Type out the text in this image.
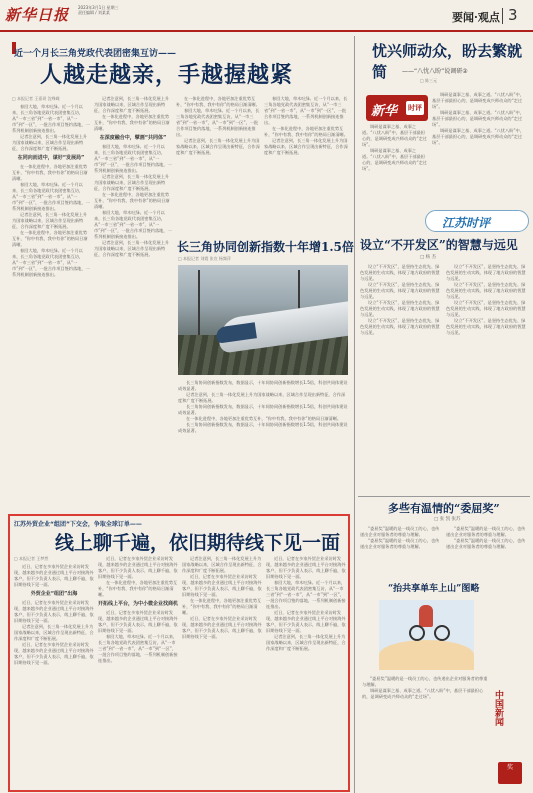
新华日报 2023年3月1日 星期三
责任编辑 / 刘某某	要闻·观点 3
近一个月长三角党政代表团密集互访——
人越走越亲，手越握越紧
□ 本报记者 王嘉玥 沈峥嵘

春回大地，草木吐绿。近一个月以来，长三角各地党政代表团密集互访，从“一市三省”到“一省一市”，从“一市”到“一区”，一批合作项目签约落地，一系列机制创新接连推出。

记者注意到，长三角一体化发展上升为国家战略以来，区域合作呈现出新特征，合作深度和广度不断拓展。

在同向而进中，谋好“发展局”

在一体化进程中，各地更加注重优势互补，“你中有我、我中有你”的格局日渐清晰。

春回大地，草木吐绿。近一个月以来，长三角各地党政代表团密集互访，从“一市三省”到“一省一市”，从“一市”到“一区”，一批合作项目签约落地，一系列机制创新接连推出。

记者注意到，长三角一体化发展上升为国家战略以来，区域合作呈现出新特征，合作深度和广度不断拓展。

在一体化进程中，各地更加注重优势互补，“你中有我、我中有你”的格局日渐清晰。

春回大地，草木吐绿。近一个月以来，长三角各地党政代表团密集互访，从“一市三省”到“一省一市”，从“一市”到“一区”，一批合作项目签约落地，一系列机制创新接连推出。

记者注意到，长三角一体化发展上升为国家战略以来，区域合作呈现出新特征，合作深度和广度不断拓展。

在一体化进程中，各地更加注重优势互补，“你中有我、我中有你”的格局日渐清晰。

在深度融合中，擘画“共同体”

春回大地，草木吐绿。近一个月以来，长三角各地党政代表团密集互访，从“一市三省”到“一省一市”，从“一市”到“一区”，一批合作项目签约落地，一系列机制创新接连推出。

记者注意到，长三角一体化发展上升为国家战略以来，区域合作呈现出新特征，合作深度和广度不断拓展。

在一体化进程中，各地更加注重优势互补，“你中有我、我中有你”的格局日渐清晰。

春回大地，草木吐绿。近一个月以来，长三角各地党政代表团密集互访，从“一市三省”到“一省一市”，从“一市”到“一区”，一批合作项目签约落地，一系列机制创新接连推出。

记者注意到，长三角一体化发展上升为国家战略以来，区域合作呈现出新特征，合作深度和广度不断拓展。

在一体化进程中，各地更加注重优势互补，“你中有我、我中有你”的格局日渐清晰。

春回大地，草木吐绿。近一个月以来，长三角各地党政代表团密集互访，从“一市三省”到“一省一市”，从“一市”到“一区”，一批合作项目签约落地，一系列机制创新接连推出。

记者注意到，长三角一体化发展上升为国家战略以来，区域合作呈现出新特征，合作深度和广度不断拓展。

春回大地，草木吐绿。近一个月以来，长三角各地党政代表团密集互访，从“一市三省”到“一省一市”，从“一市”到“一区”，一批合作项目签约落地，一系列机制创新接连推出。

在一体化进程中，各地更加注重优势互补，“你中有我、我中有你”的格局日渐清晰。

记者注意到，长三角一体化发展上升为国家战略以来，区域合作呈现出新特征，合作深度和广度不断拓展。

长三角协同创新指数十年增1.5倍
□ 本报记者 刘霞 张宣 杨频萍

长三角协同创新指数发布，数据显示，十年间协同创新指数增长1.5倍，科创共同体建设成效显著。

记者注意到，长三角一体化发展上升为国家战略以来，区域合作呈现出新特征，合作深度和广度不断拓展。

长三角协同创新指数发布，数据显示，十年间协同创新指数增长1.5倍，科创共同体建设成效显著。

在一体化进程中，各地更加注重优势互补，“你中有我、我中有你”的格局日渐清晰。

长三角协同创新指数发布，数据显示，十年间协同创新指数增长1.5倍，科创共同体建设成效显著。

江苏外贸企业“组团”下交会，争取全球订单——
线上聊千遍，依旧期待线下见一面
□ 本报记者 王梦然

近日，记者在多家外贸企业采访时发现，越来越多的企业通过线上平台对接海外客户，但不少负责人表示，线上聊千遍，依旧期待线下见一面。

外贸企业“组团”出海

近日，记者在多家外贸企业采访时发现，越来越多的企业通过线上平台对接海外客户，但不少负责人表示，线上聊千遍，依旧期待线下见一面。

记者注意到，长三角一体化发展上升为国家战略以来，区域合作呈现出新特征，合作深度和广度不断拓展。

近日，记者在多家外贸企业采访时发现，越来越多的企业通过线上平台对接海外客户，但不少负责人表示，线上聊千遍，依旧期待线下见一面。

近日，记者在多家外贸企业采访时发现，越来越多的企业通过线上平台对接海外客户，但不少负责人表示，线上聊千遍，依旧期待线下见一面。

在一体化进程中，各地更加注重优势互补，“你中有我、我中有你”的格局日渐清晰。

开拓线上平台，为中小微企业找商机

近日，记者在多家外贸企业采访时发现，越来越多的企业通过线上平台对接海外客户，但不少负责人表示，线上聊千遍，依旧期待线下见一面。

春回大地，草木吐绿。近一个月以来，长三角各地党政代表团密集互访，从“一市三省”到“一省一市”，从“一市”到“一区”，一批合作项目签约落地，一系列机制创新接连推出。

记者注意到，长三角一体化发展上升为国家战略以来，区域合作呈现出新特征，合作深度和广度不断拓展。

近日，记者在多家外贸企业采访时发现，越来越多的企业通过线上平台对接海外客户，但不少负责人表示，线上聊千遍，依旧期待线下见一面。

在一体化进程中，各地更加注重优势互补，“你中有我、我中有你”的格局日渐清晰。

近日，记者在多家外贸企业采访时发现，越来越多的企业通过线上平台对接海外客户，但不少负责人表示，线上聊千遍，依旧期待线下见一面。

近日，记者在多家外贸企业采访时发现，越来越多的企业通过线上平台对接海外客户，但不少负责人表示，线上聊千遍，依旧期待线下见一面。

春回大地，草木吐绿。近一个月以来，长三角各地党政代表团密集互访，从“一市三省”到“一省一市”，从“一市”到“一区”，一批合作项目签约落地，一系列机制创新接连推出。

近日，记者在多家外贸企业采访时发现，越来越多的企业通过线上平台对接海外客户，但不少负责人表示，线上聊千遍，依旧期待线下见一面。

记者注意到，长三角一体化发展上升为国家战略以来，区域合作呈现出新特征，合作深度和广度不断拓展。

忧兴师动众，盼去繁就简	——“八忧八盼”说调研②
□ 陈三元
新华 时评

调研是谋事之基、成事之道。“八忧八盼”中，基层干部最担心的，是调研变成兴师动众的“走过场”。

调研是谋事之基、成事之道。“八忧八盼”中，基层干部最担心的，是调研变成兴师动众的“走过场”。

调研是谋事之基、成事之道。“八忧八盼”中，基层干部最担心的，是调研变成兴师动众的“走过场”。

调研是谋事之基、成事之道。“八忧八盼”中，基层干部最担心的，是调研变成兴师动众的“走过场”。

调研是谋事之基、成事之道。“八忧八盼”中，基层干部最担心的，是调研变成兴师动众的“走过场”。

江苏时评
设立“不开发区”的智慧与远见
□ 杨 杰

设立“不开发区”，是坚持生态优先、绿色发展的生动实践，体现了地方政府的智慧与远见。

设立“不开发区”，是坚持生态优先、绿色发展的生动实践，体现了地方政府的智慧与远见。

设立“不开发区”，是坚持生态优先、绿色发展的生动实践，体现了地方政府的智慧与远见。

设立“不开发区”，是坚持生态优先、绿色发展的生动实践，体现了地方政府的智慧与远见。

设立“不开发区”，是坚持生态优先、绿色发展的生动实践，体现了地方政府的智慧与远见。

设立“不开发区”，是坚持生态优先、绿色发展的生动实践，体现了地方政府的智慧与远见。

设立“不开发区”，是坚持生态优先、绿色发展的生动实践，体现了地方政府的智慧与远见。

设立“不开发区”，是坚持生态优先、绿色发展的生动实践，体现了地方政府的智慧与远见。

多些有温情的“委屈奖”
□ 张 凯 张苏

“委屈奖”温暖的是一线员工的心，也传递出企业对服务者的尊重与理解。

“委屈奖”温暖的是一线员工的心，也传递出企业对服务者的尊重与理解。

“委屈奖”温暖的是一线员工的心，也传递出企业对服务者的尊重与理解。

“委屈奖”温暖的是一线员工的心，也传递出企业对服务者的尊重与理解。

“抬共享单车上山”图略

“委屈奖”温暖的是一线员工的心，也传递出企业对服务者的尊重与理解。

调研是谋事之基、成事之道。“八忧八盼”中，基层干部最担心的，是调研变成兴师动众的“走过场”。	中国新闻
奖
